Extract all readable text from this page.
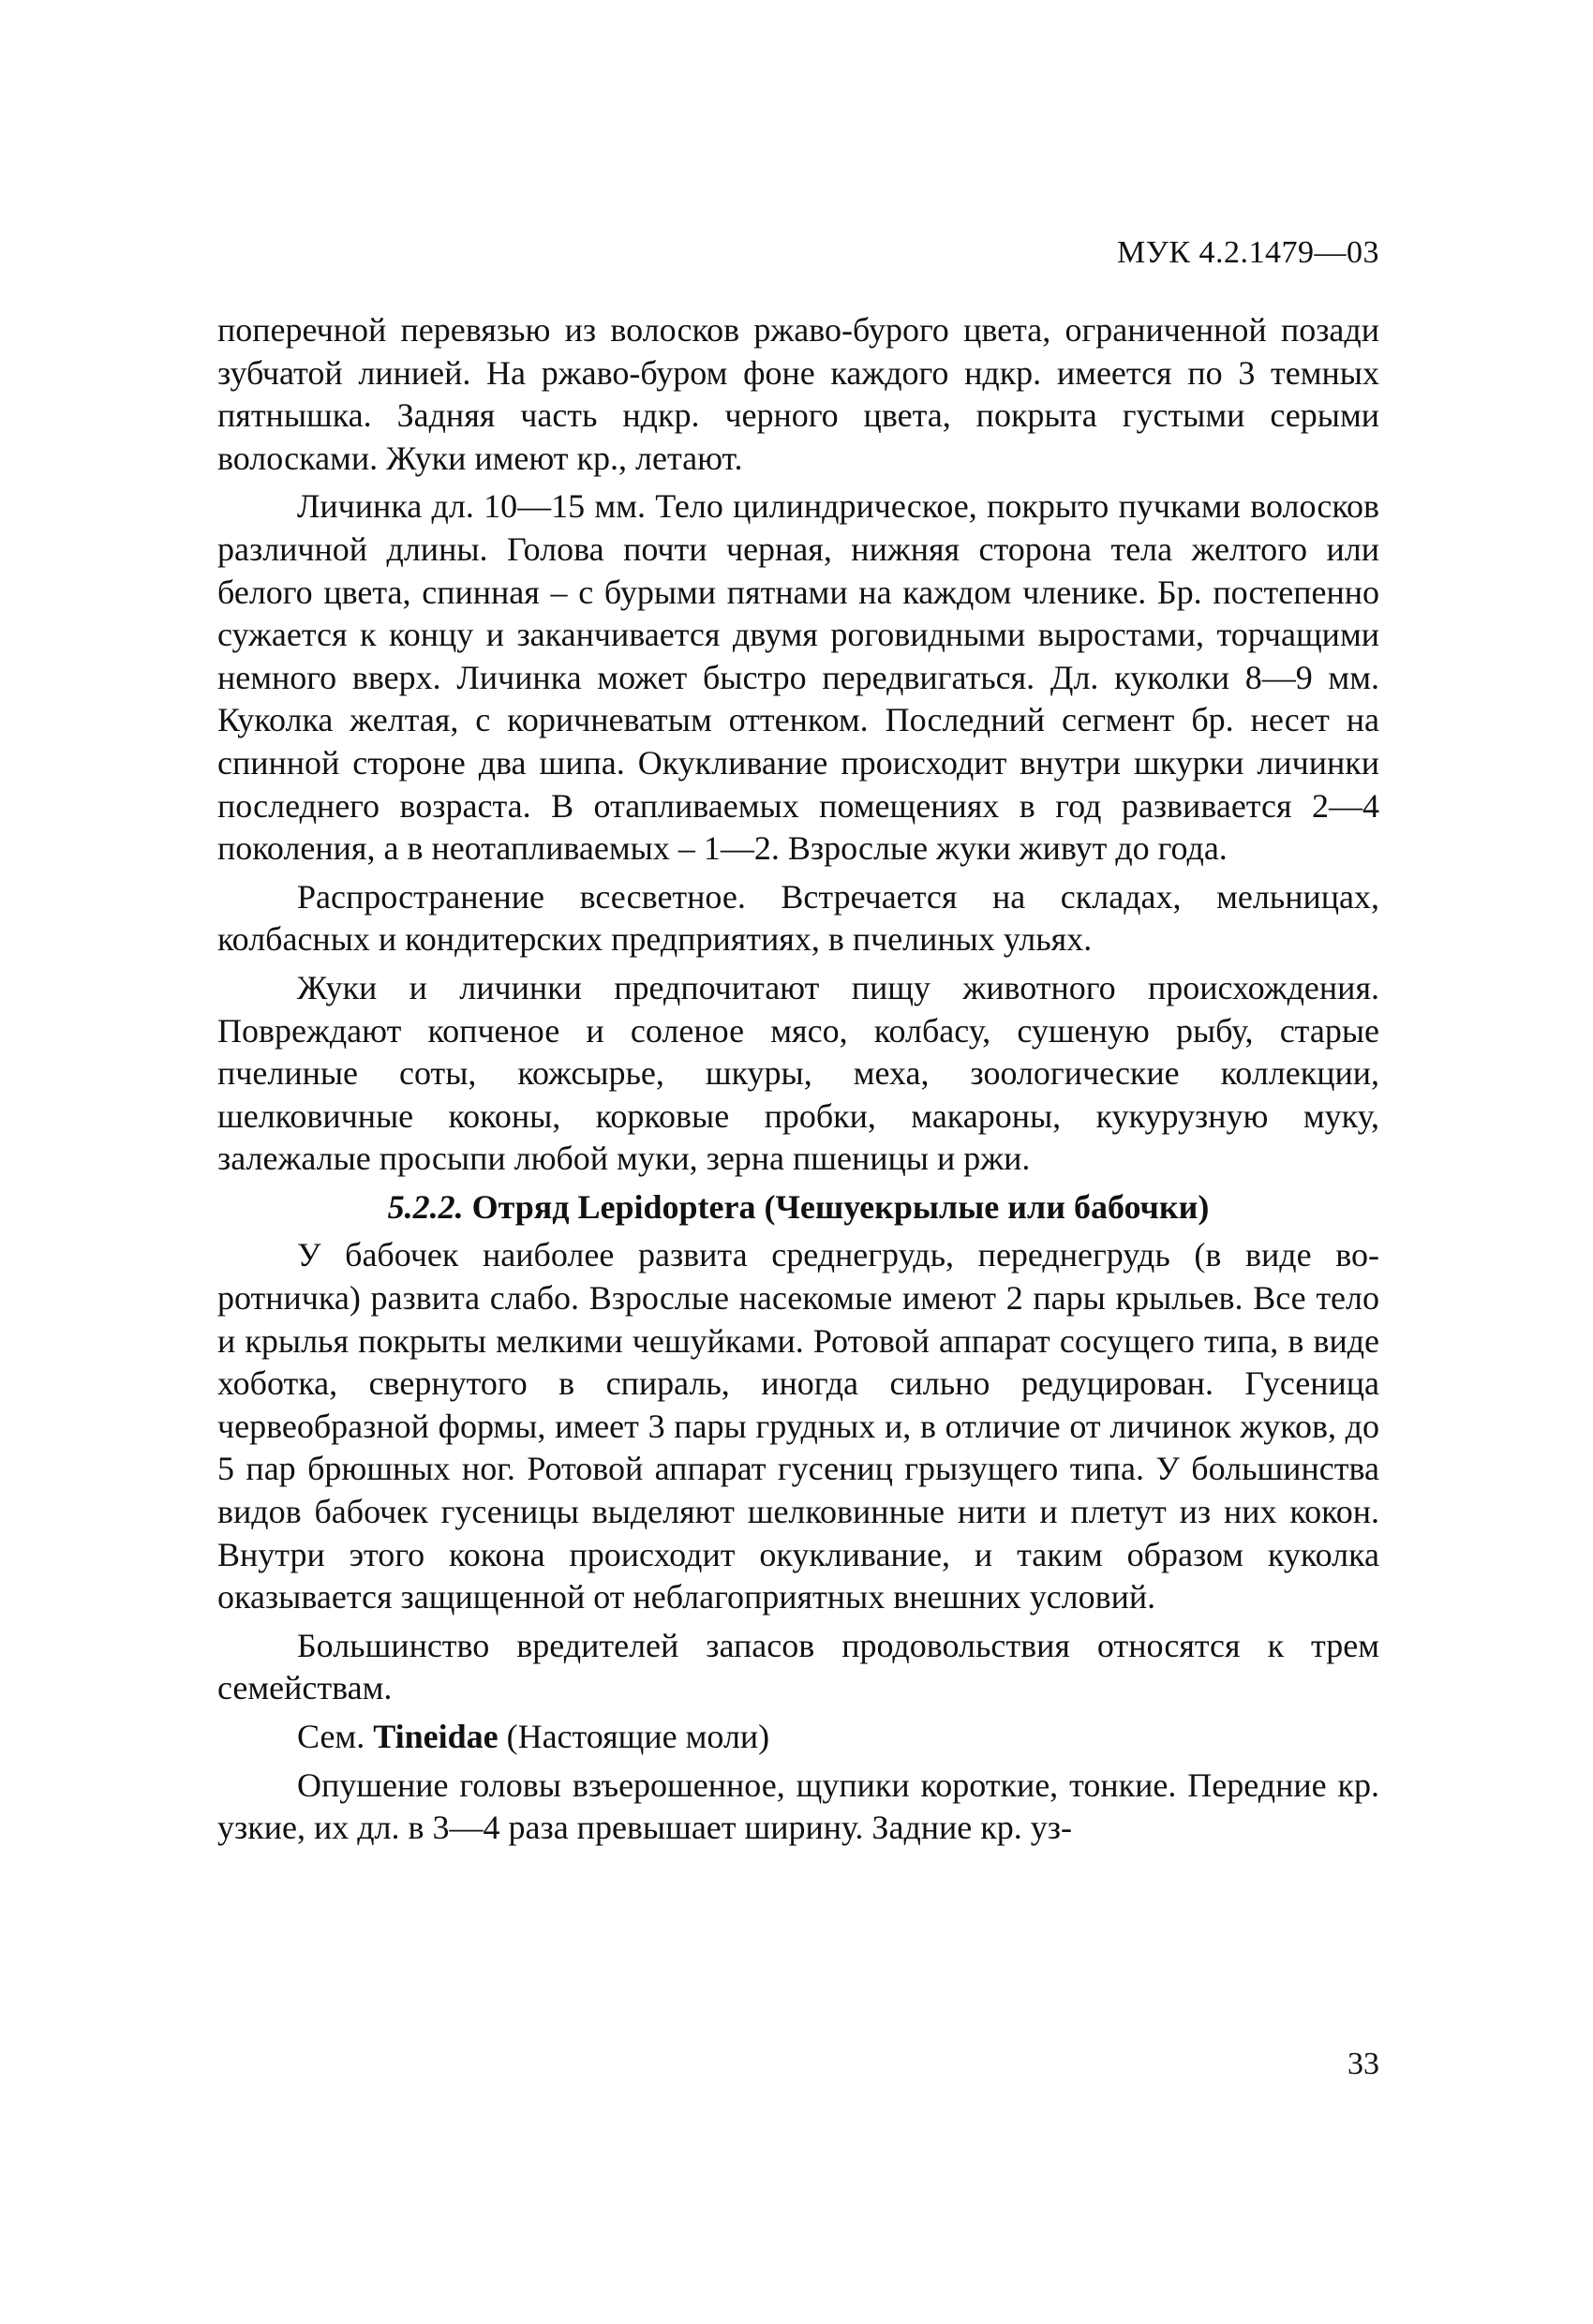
МУК 4.2.1479—03

поперечной перевязью из волосков ржаво-бурого цвета, ограниченной позади зубчатой линией. На ржаво-буром фоне каждого ндкр. имеется по 3 темных пятнышка. Задняя часть ндкр. черного цвета, покрыта густыми серыми волосками. Жуки имеют кр., летают.

Личинка дл. 10—15 мм. Тело цилиндрическое, покрыто пучками волосков различной длины. Голова почти черная, нижняя сторона тела желтого или белого цвета, спинная – с бурыми пятнами на каждом членике. Бр. постепенно сужается к концу и заканчивается двумя роговидными выростами, торчащими немного вверх. Личинка может быстро передвигаться. Дл. куколки 8—9 мм. Куколка желтая, с коричневатым оттенком. Последний сегмент бр. несет на спинной стороне два шипа. Окукливание происходит внутри шкурки личинки последнего возраста. В отапливаемых помещениях в год развивается 2—4 поколения, а в неотапливаемых – 1—2. Взрослые жуки живут до года.

Распространение всесветное. Встречается на складах, мельницах, колбасных и кондитерских предприятиях, в пчелиных ульях.

Жуки и личинки предпочитают пищу животного происхождения. Повреждают копченое и соленое мясо, колбасу, сушеную рыбу, старые пчелиные соты, кожсырье, шкуры, меха, зоологические коллекции, шелковичные коконы, корковые пробки, макароны, кукурузную муку, залежалые просыпи любой муки, зерна пшеницы и ржи.

5.2.2. Отряд Lepidoptera (Чешуекрылые или бабочки)

У бабочек наиболее развита среднегрудь, переднегрудь (в виде воротничка) развита слабо. Взрослые насекомые имеют 2 пары крыльев. Все тело и крылья покрыты мелкими чешуйками. Ротовой аппарат сосущего типа, в виде хоботка, свернутого в спираль, иногда сильно редуцирован. Гусеница червеобразной формы, имеет 3 пары грудных и, в отличие от личинок жуков, до 5 пар брюшных ног. Ротовой аппарат гусениц грызущего типа. У большинства видов бабочек гусеницы выделяют шелковинные нити и плетут из них кокон. Внутри этого кокона происходит окукливание, и таким образом куколка оказывается защищенной от неблагоприятных внешних условий.

Большинство вредителей запасов продовольствия относятся к трем семействам.

Сем. Tineidae (Настоящие моли)

Опушение головы взъерошенное, щупики короткие, тонкие. Передние кр. узкие, их дл. в 3—4 раза превышает ширину. Задние кр. уз-

33
